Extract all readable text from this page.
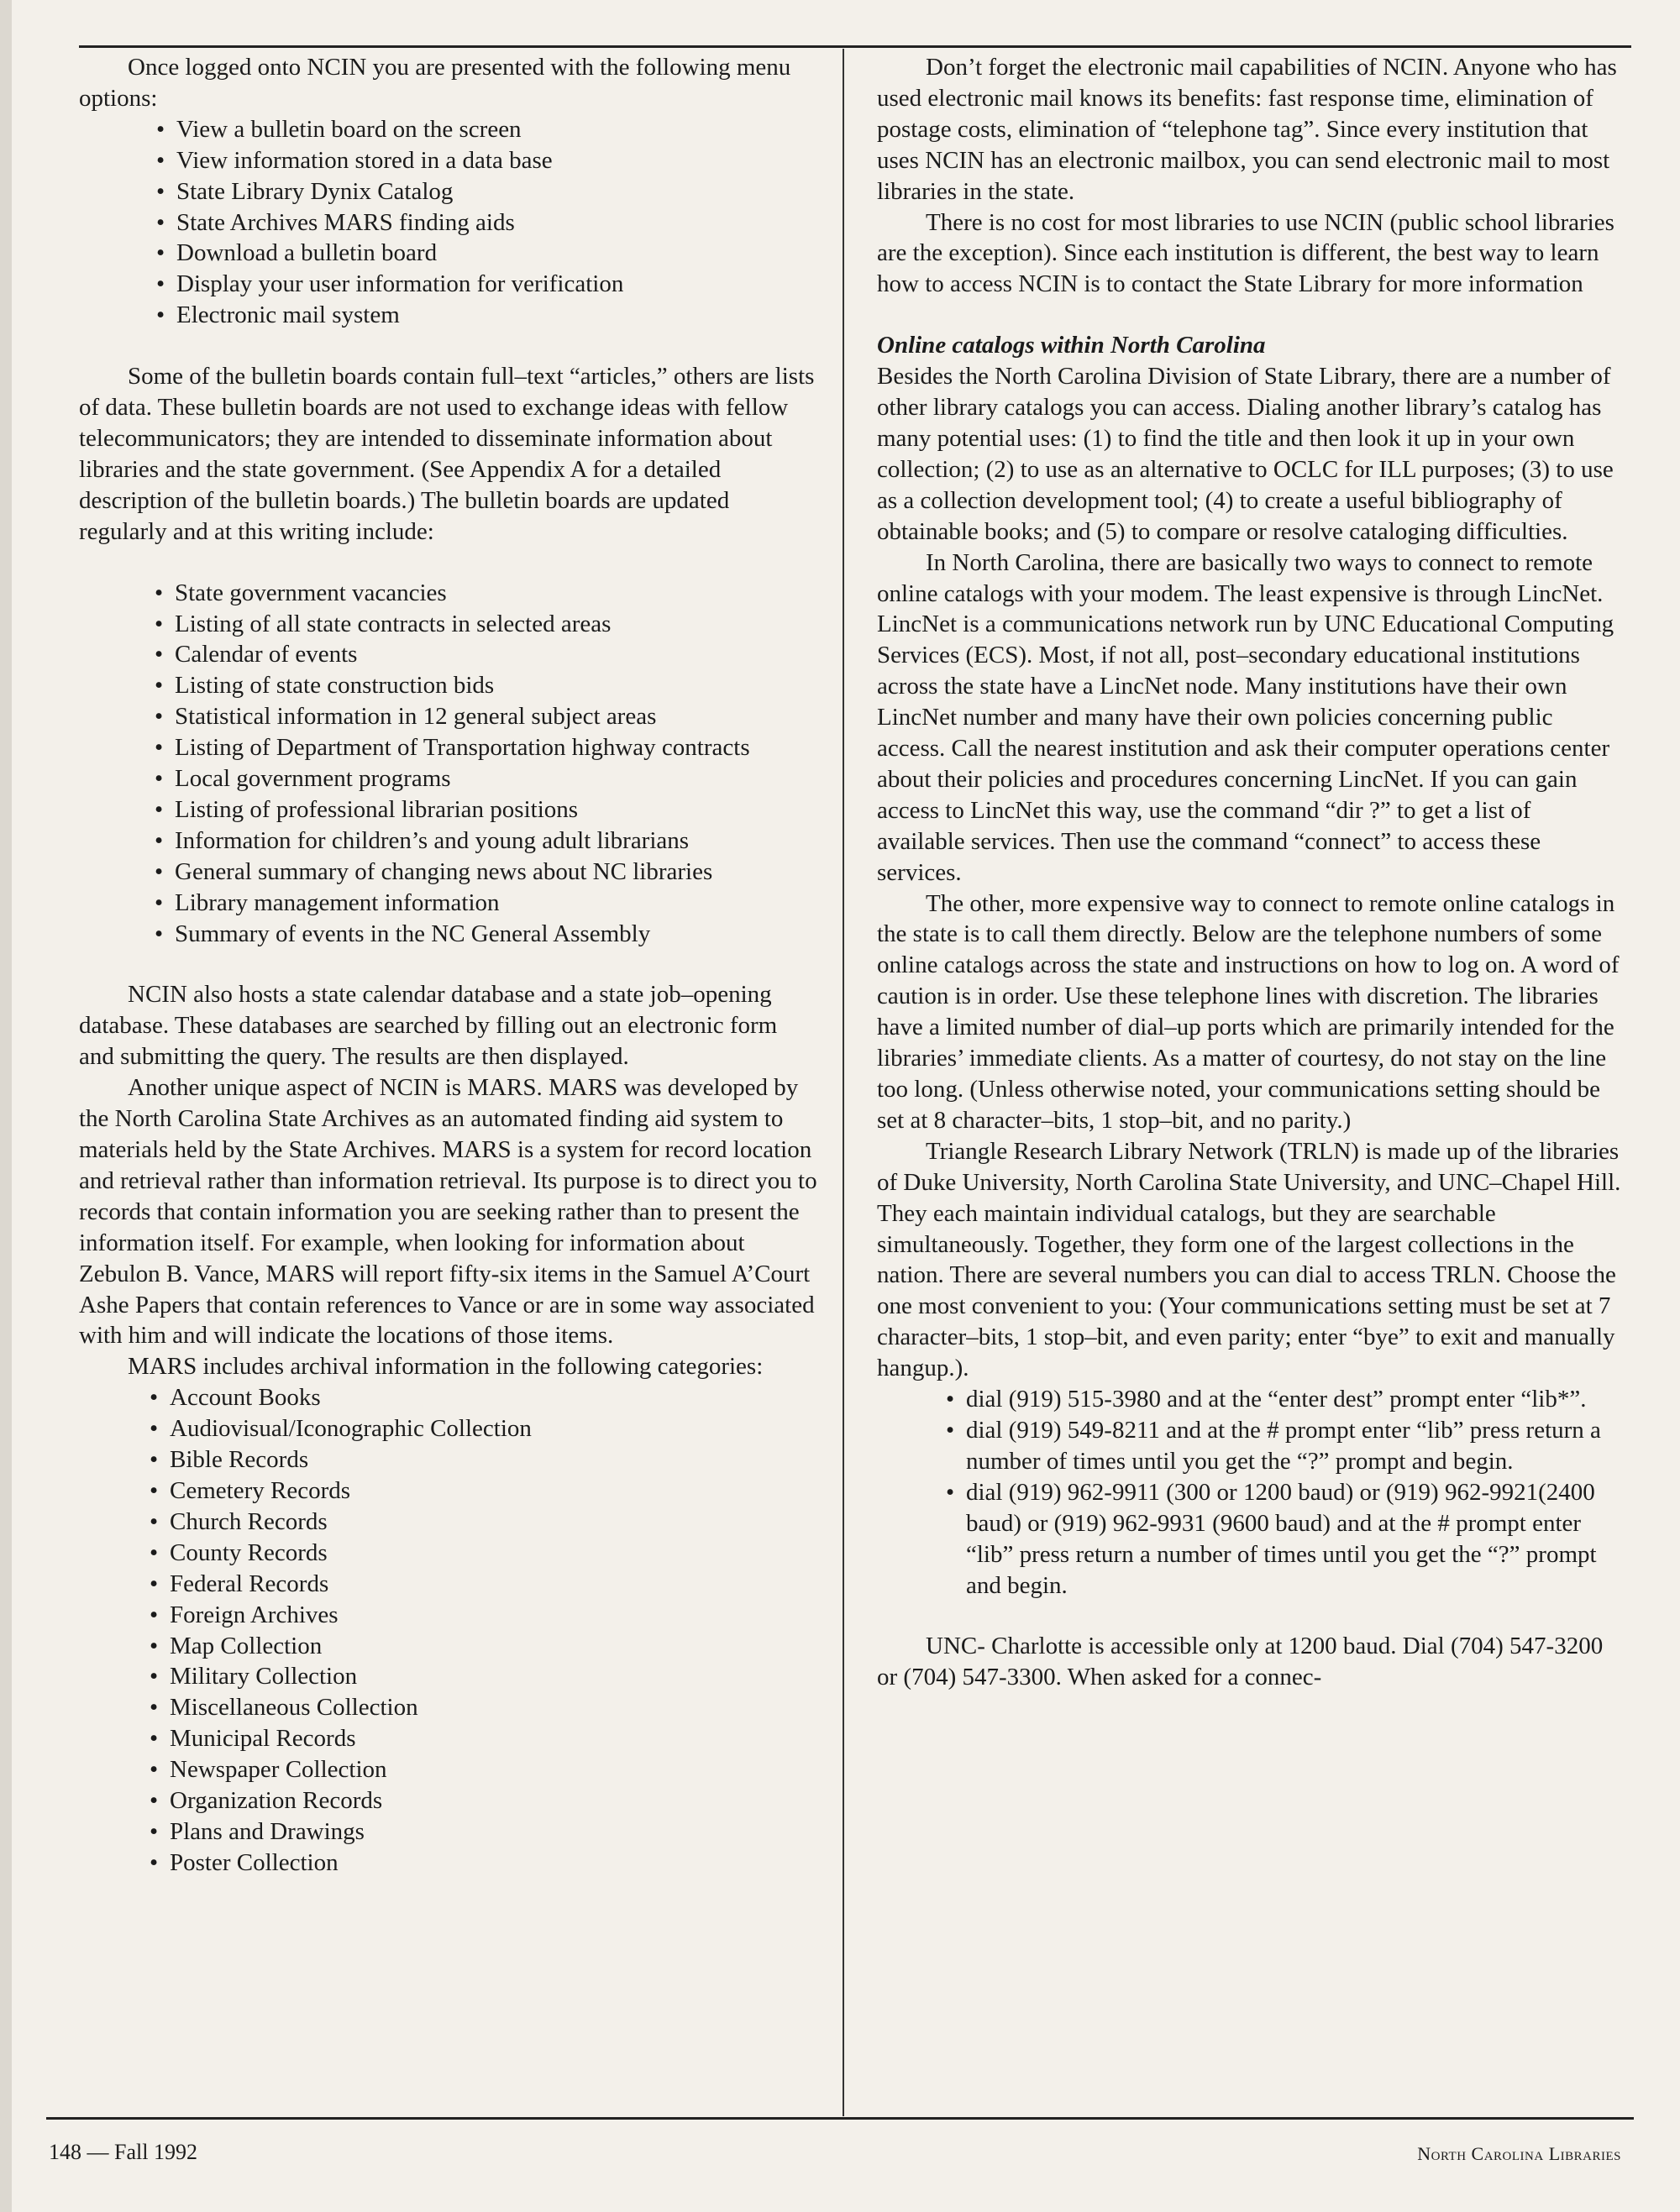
Once logged onto NCIN you are presented with the following menu options:

• View a bulletin board on the screen
• View information stored in a data base
• State Library Dynix Catalog
• State Archives MARS finding aids
• Download a bulletin board
• Display your user information for verification
• Electronic mail system

Some of the bulletin boards contain full–text “articles,” others are lists of data. These bulletin boards are not used to exchange ideas with fellow telecommunicators; they are intended to disseminate information about libraries and the state government. (See Appendix A for a detailed description of the bulletin boards.) The bulletin boards are updated regularly and at this writing include:

• State government vacancies
• Listing of all state contracts in selected areas
• Calendar of events
• Listing of state construction bids
• Statistical information in 12 general subject areas
• Listing of Department of Transportation highway contracts
• Local government programs
• Listing of professional librarian positions
• Information for children’s and young adult librarians
• General summary of changing news about NC libraries
• Library management information
• Summary of events in the NC General Assembly

NCIN also hosts a state calendar database and a state job–opening database. These databases are searched by filling out an electronic form and submitting the query. The results are then displayed.

Another unique aspect of NCIN is MARS. MARS was developed by the North Carolina State Archives as an automated finding aid system to materials held by the State Archives. MARS is a system for record location and retrieval rather than information retrieval. Its purpose is to direct you to records that contain information you are seeking rather than to present the information itself. For example, when looking for information about Zebulon B. Vance, MARS will report fifty-six items in the Samuel A’Court Ashe Papers that contain references to Vance or are in some way associated with him and will indicate the locations of those items.

MARS includes archival information in the following categories:

• Account Books
• Audiovisual/Iconographic Collection
• Bible Records
• Cemetery Records
• Church Records
• County Records
• Federal Records
• Foreign Archives
• Map Collection
• Military Collection
• Miscellaneous Collection
• Municipal Records
• Newspaper Collection
• Organization Records
• Plans and Drawings
• Poster Collection

Don’t forget the electronic mail capabilities of NCIN. Anyone who has used electronic mail knows its benefits: fast response time, elimination of postage costs, elimination of “telephone tag”. Since every institution that uses NCIN has an electronic mailbox, you can send electronic mail to most libraries in the state.

There is no cost for most libraries to use NCIN (public school libraries are the exception). Since each institution is different, the best way to learn how to access NCIN is to contact the State Library for more information

Online catalogs within North Carolina

Besides the North Carolina Division of State Library, there are a number of other library catalogs you can access. Dialing another library’s catalog has many potential uses: (1) to find the title and then look it up in your own collection; (2) to use as an alternative to OCLC for ILL purposes; (3) to use as a collection development tool; (4) to create a useful bibliography of obtainable books; and (5) to compare or resolve cataloging difficulties.

In North Carolina, there are basically two ways to connect to remote online catalogs with your modem. The least expensive is through LincNet. LincNet is a communications network run by UNC Educational Computing Services (ECS). Most, if not all, post–secondary educational institutions across the state have a LincNet node. Many institutions have their own LincNet number and many have their own policies concerning public access. Call the nearest institution and ask their computer operations center about their policies and procedures concerning LincNet. If you can gain access to LincNet this way, use the command “dir ?” to get a list of available services. Then use the command “connect” to access these services.

The other, more expensive way to connect to remote online catalogs in the state is to call them directly. Below are the telephone numbers of some online catalogs across the state and instructions on how to log on. A word of caution is in order. Use these telephone lines with discretion. The libraries have a limited number of dial–up ports which are primarily intended for the libraries’ immediate clients. As a matter of courtesy, do not stay on the line too long. (Unless otherwise noted, your communications setting should be set at 8 character–bits, 1 stop–bit, and no parity.)

Triangle Research Library Network (TRLN) is made up of the libraries of Duke University, North Carolina State University, and UNC–Chapel Hill. They each maintain individual catalogs, but they are searchable simultaneously. Together, they form one of the largest collections in the nation. There are several numbers you can dial to access TRLN. Choose the one most convenient to you: (Your communications setting must be set at 7 character–bits, 1 stop–bit, and even parity; enter “bye” to exit and manually hangup.).

• dial (919) 515-3980 and at the “enter dest” prompt enter “lib*”.
• dial (919) 549-8211 and at the # prompt enter “lib” press return a number of times until you get the “?” prompt and begin.
• dial (919) 962-9911 (300 or 1200 baud) or (919) 962-9921(2400 baud) or (919) 962-9931 (9600 baud) and at the # prompt enter “lib” press return a number of times until you get the “?” prompt and begin.

UNC- Charlotte is accessible only at 1200 baud. Dial (704) 547-3200 or (704) 547-3300. When asked for a connec-

148 — Fall 1992	North Carolina Libraries
